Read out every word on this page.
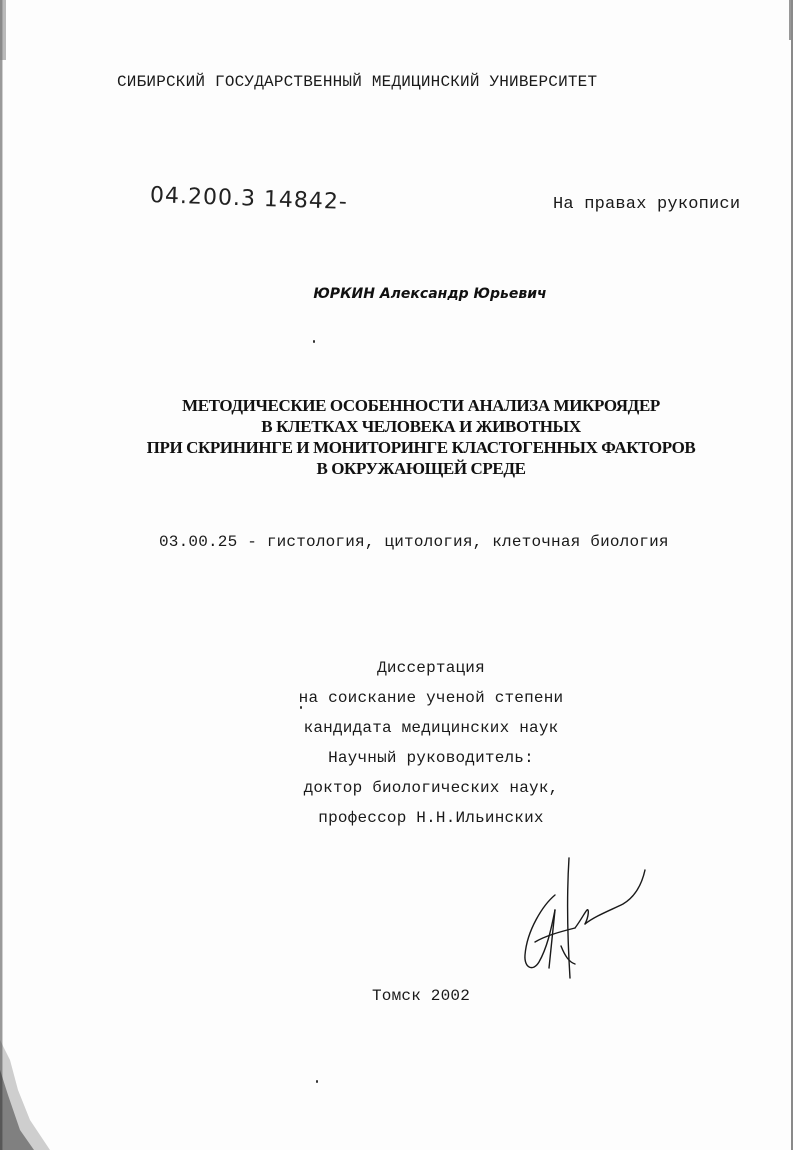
СИБИРСКИЙ ГОСУДАРСТВЕННЫЙ МЕДИЦИНСКИЙ УНИВЕРСИТЕТ
04.200.3 14842-	На правах рукописи
ЮРКИН Александр Юрьевич
МЕТОДИЧЕСКИЕ ОСОБЕННОСТИ АНАЛИЗА МИКРОЯДЕР
В КЛЕТКАХ ЧЕЛОВЕКА И ЖИВОТНЫХ
ПРИ СКРИНИНГЕ И МОНИТОРИНГЕ КЛАСТОГЕННЫХ ФАКТОРОВ
В ОКРУЖАЮЩЕЙ СРЕДЕ
03.00.25 - гистология, цитология, клеточная биология
Диссертация
на соискание ученой степени
кандидата медицинских наук
Научный руководитель:
доктор биологических наук,
профессор Н.Н.Ильинских
Томск 2002
